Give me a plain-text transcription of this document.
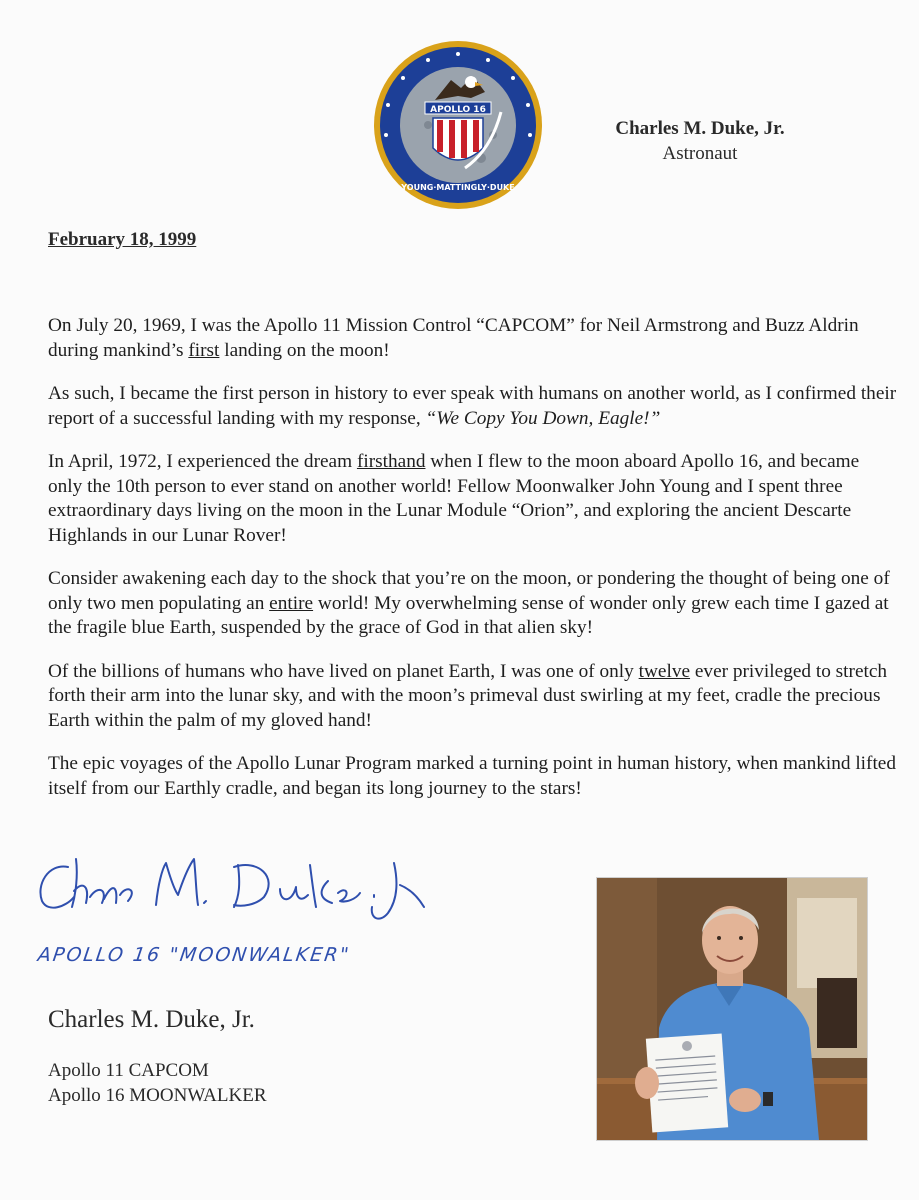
APOLLO 16
YOUNG·MATTINGLY·DUKE
Charles M. Duke, Jr.
Astronaut
February 18, 1999

On July 20, 1969, I was the Apollo 11 Mission Control “CAPCOM” for Neil Armstrong and Buzz Aldrin during mankind’s first landing on the moon!

As such, I became the first person in history to ever speak with humans on another world, as I confirmed their report of a successful landing with my response, “We Copy You Down, Eagle!”

In April, 1972, I experienced the dream firsthand when I flew to the moon aboard Apollo 16, and became only the 10th person to ever stand on another world! Fellow Moonwalker John Young and I spent three extraordinary days living on the moon in the Lunar Module “Orion”, and exploring the ancient Descarte Highlands in our Lunar Rover!

Consider awakening each day to the shock that you’re on the moon, or pondering the thought of being one of only two men populating an entire world! My overwhelming sense of wonder only grew each time I gazed at the fragile blue Earth, suspended by the grace of God in that alien sky!

Of the billions of humans who have lived on planet Earth, I was one of only twelve ever privileged to stretch forth their arm into the lunar sky, and with the moon’s primeval dust swirling at my feet, cradle the precious Earth within the palm of my gloved hand!

The epic voyages of the Apollo Lunar Program marked a turning point in human history, when mankind lifted itself from our Earthly cradle, and began its long journey to the stars!

APOLLO 16 "MOONWALKER"
Charles M. Duke, Jr.
Apollo 11 CAPCOM
Apollo 16 MOONWALKER
